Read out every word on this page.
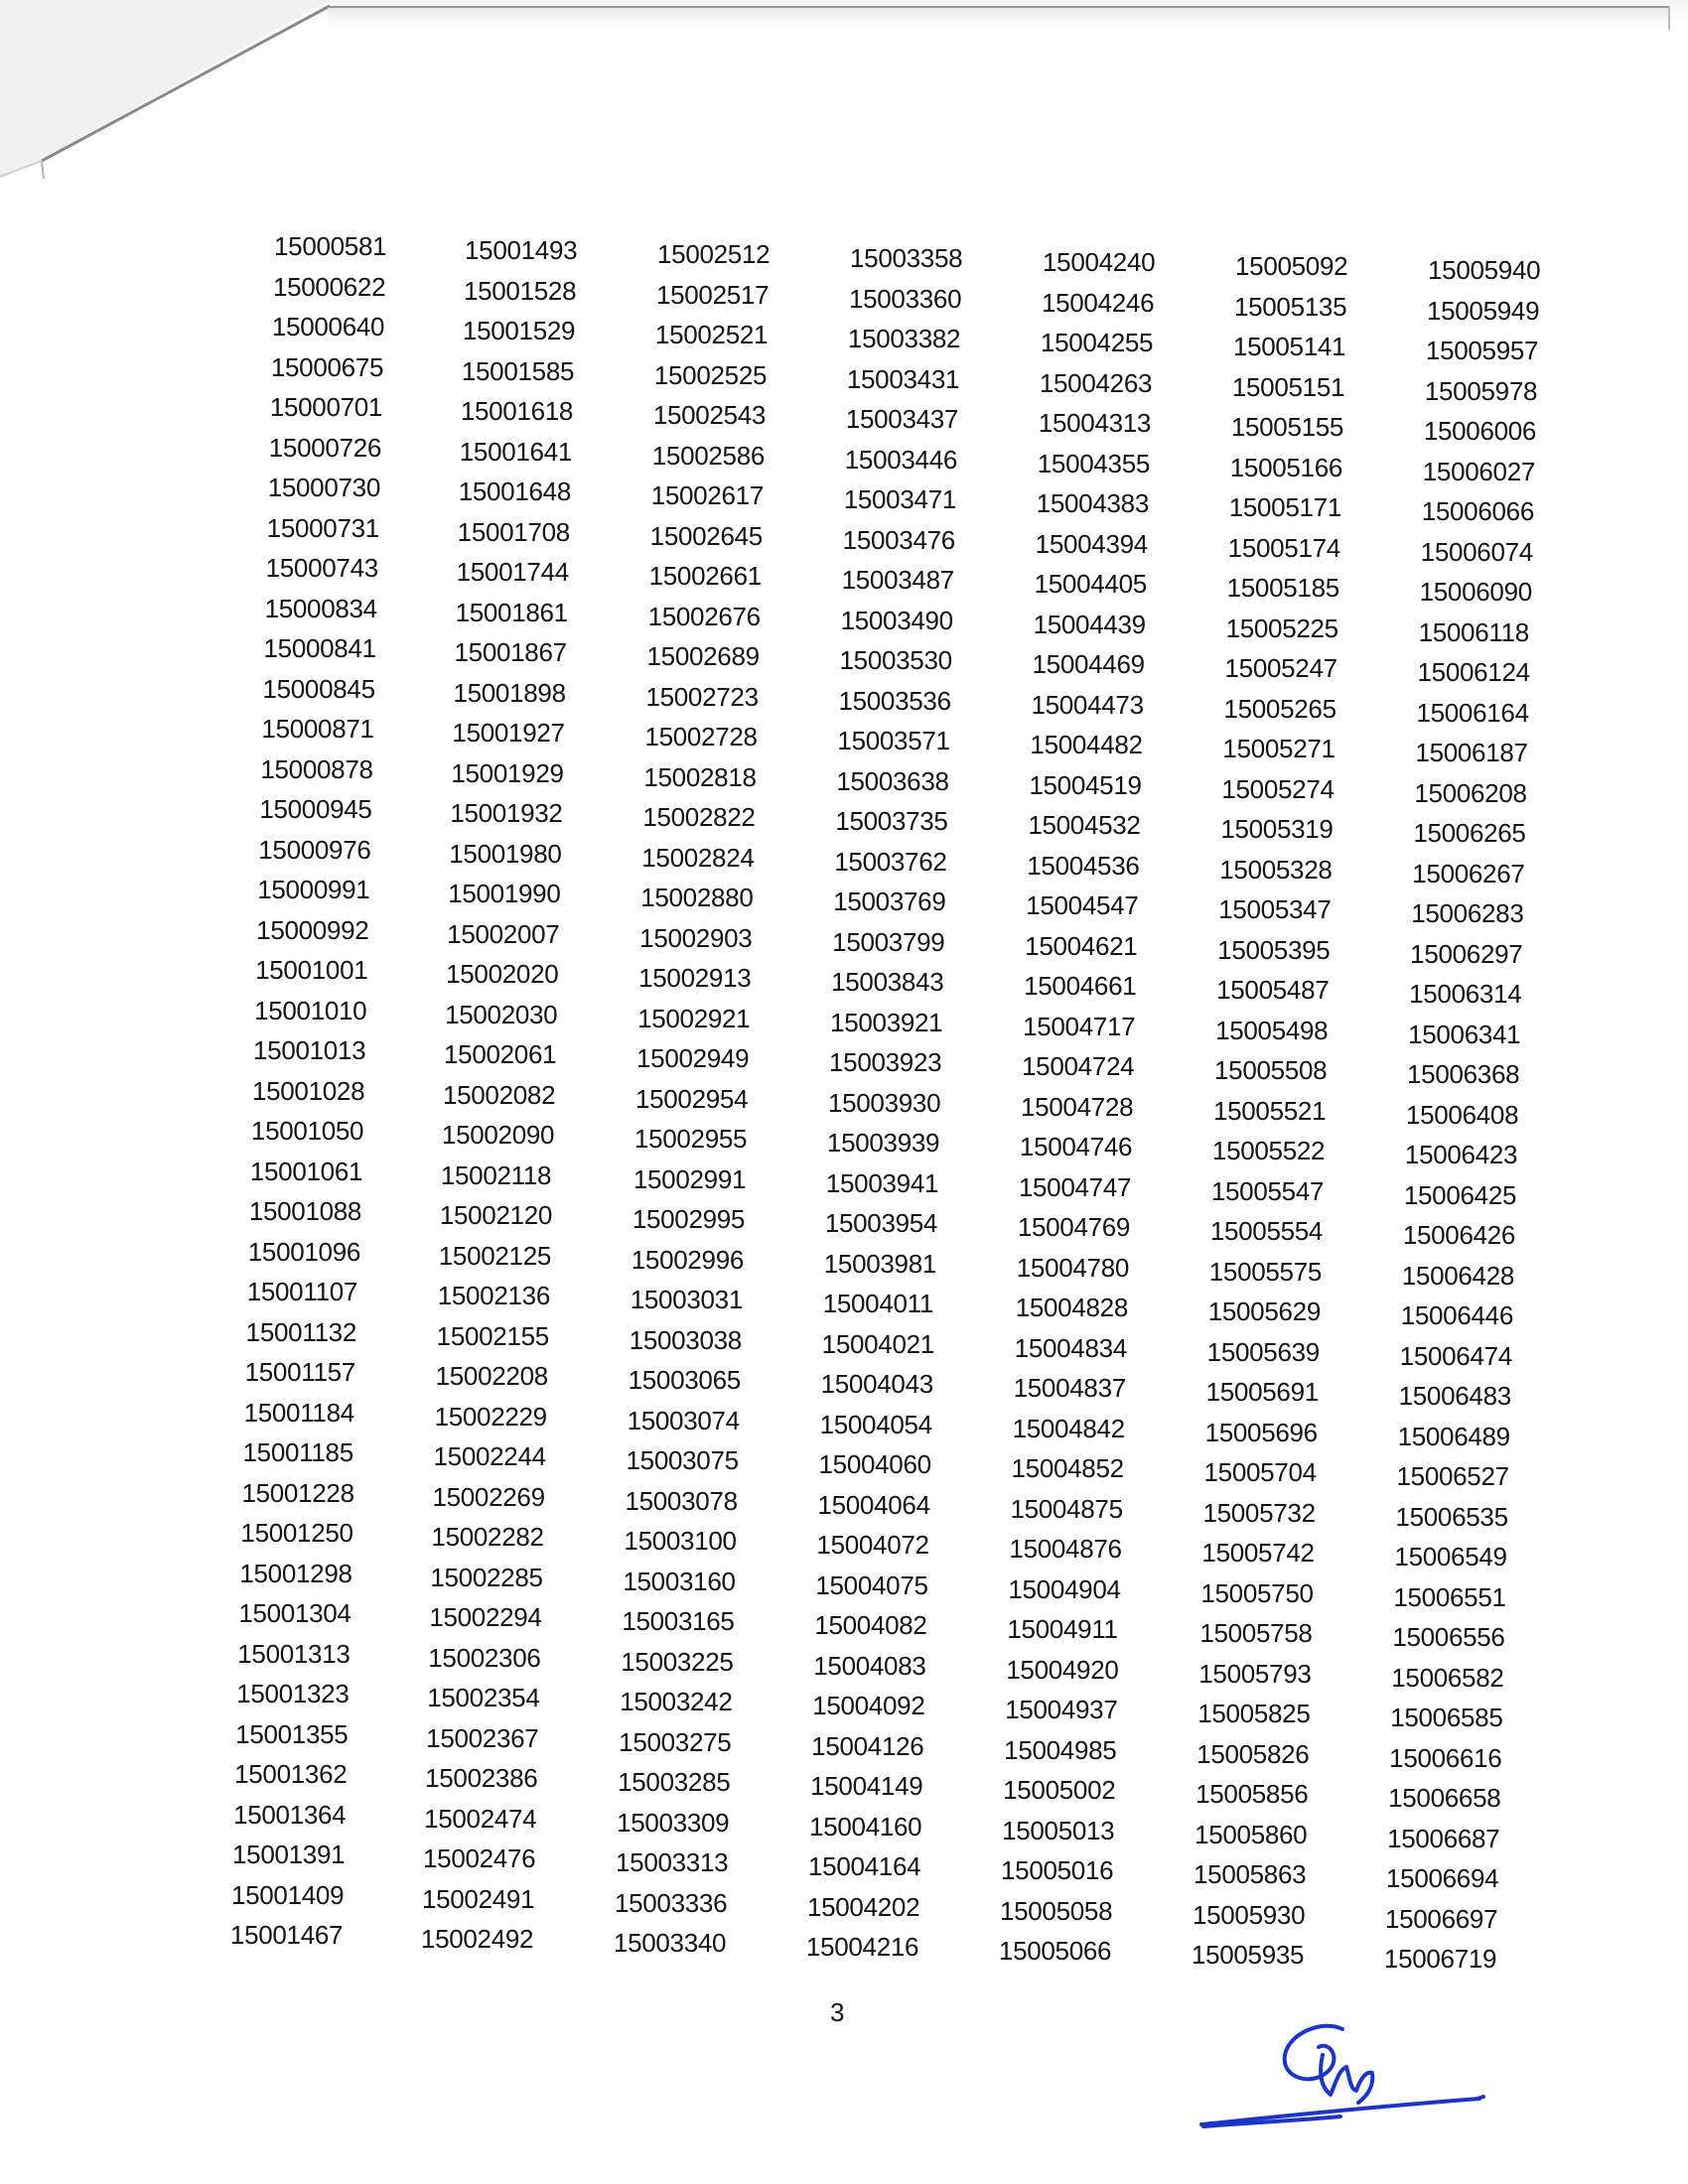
15000581
15000622
15000640
15000675
15000701
15000726
15000730
15000731
15000743
15000834
15000841
15000845
15000871
15000878
15000945
15000976
15000991
15000992
15001001
15001010
15001013
15001028
15001050
15001061
15001088
15001096
15001107
15001132
15001157
15001184
15001185
15001228
15001250
15001298
15001304
15001313
15001323
15001355
15001362
15001364
15001391
15001409
15001467
15001493
15001528
15001529
15001585
15001618
15001641
15001648
15001708
15001744
15001861
15001867
15001898
15001927
15001929
15001932
15001980
15001990
15002007
15002020
15002030
15002061
15002082
15002090
15002118
15002120
15002125
15002136
15002155
15002208
15002229
15002244
15002269
15002282
15002285
15002294
15002306
15002354
15002367
15002386
15002474
15002476
15002491
15002492
15002512
15002517
15002521
15002525
15002543
15002586
15002617
15002645
15002661
15002676
15002689
15002723
15002728
15002818
15002822
15002824
15002880
15002903
15002913
15002921
15002949
15002954
15002955
15002991
15002995
15002996
15003031
15003038
15003065
15003074
15003075
15003078
15003100
15003160
15003165
15003225
15003242
15003275
15003285
15003309
15003313
15003336
15003340
15003358
15003360
15003382
15003431
15003437
15003446
15003471
15003476
15003487
15003490
15003530
15003536
15003571
15003638
15003735
15003762
15003769
15003799
15003843
15003921
15003923
15003930
15003939
15003941
15003954
15003981
15004011
15004021
15004043
15004054
15004060
15004064
15004072
15004075
15004082
15004083
15004092
15004126
15004149
15004160
15004164
15004202
15004216
15004240
15004246
15004255
15004263
15004313
15004355
15004383
15004394
15004405
15004439
15004469
15004473
15004482
15004519
15004532
15004536
15004547
15004621
15004661
15004717
15004724
15004728
15004746
15004747
15004769
15004780
15004828
15004834
15004837
15004842
15004852
15004875
15004876
15004904
15004911
15004920
15004937
15004985
15005002
15005013
15005016
15005058
15005066
15005092
15005135
15005141
15005151
15005155
15005166
15005171
15005174
15005185
15005225
15005247
15005265
15005271
15005274
15005319
15005328
15005347
15005395
15005487
15005498
15005508
15005521
15005522
15005547
15005554
15005575
15005629
15005639
15005691
15005696
15005704
15005732
15005742
15005750
15005758
15005793
15005825
15005826
15005856
15005860
15005863
15005930
15005935
15005940
15005949
15005957
15005978
15006006
15006027
15006066
15006074
15006090
15006118
15006124
15006164
15006187
15006208
15006265
15006267
15006283
15006297
15006314
15006341
15006368
15006408
15006423
15006425
15006426
15006428
15006446
15006474
15006483
15006489
15006527
15006535
15006549
15006551
15006556
15006582
15006585
15006616
15006658
15006687
15006694
15006697
15006719
3
